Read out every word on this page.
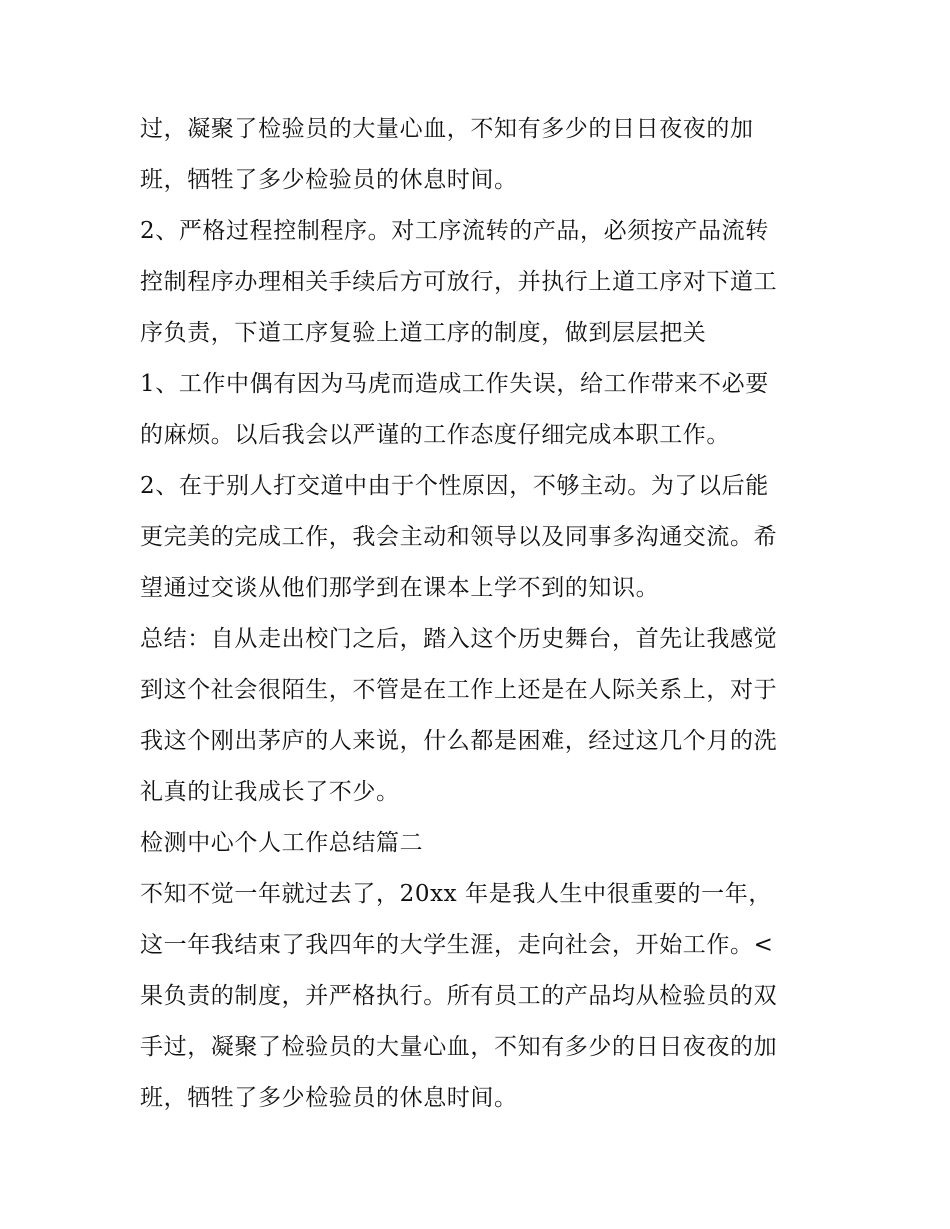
过，凝聚了检验员的大量心血，不知有多少的日日夜夜的加
班，牺牲了多少检验员的休息时间。
2、严格过程控制程序。对工序流转的产品，必须按产品流转
控制程序办理相关手续后方可放行，并执行上道工序对下道工
序负责，下道工序复验上道工序的制度，做到层层把关
1、工作中偶有因为马虎而造成工作失误，给工作带来不必要
的麻烦。以后我会以严谨的工作态度仔细完成本职工作。
2、在于别人打交道中由于个性原因，不够主动。为了以后能
更完美的完成工作，我会主动和领导以及同事多沟通交流。希
望通过交谈从他们那学到在课本上学不到的知识。
总结：自从走出校门之后，踏入这个历史舞台，首先让我感觉
到这个社会很陌生，不管是在工作上还是在人际关系上，对于
我这个刚出茅庐的人来说，什么都是困难，经过这几个月的洗
礼真的让我成长了不少。
检测中心个人工作总结篇二
不知不觉一年就过去了，20xx 年是我人生中很重要的一年，
这一年我结束了我四年的大学生涯，走向社会，开始工作。<
果负责的制度，并严格执行。所有员工的产品均从检验员的双
手过，凝聚了检验员的大量心血，不知有多少的日日夜夜的加
班，牺牲了多少检验员的休息时间。
